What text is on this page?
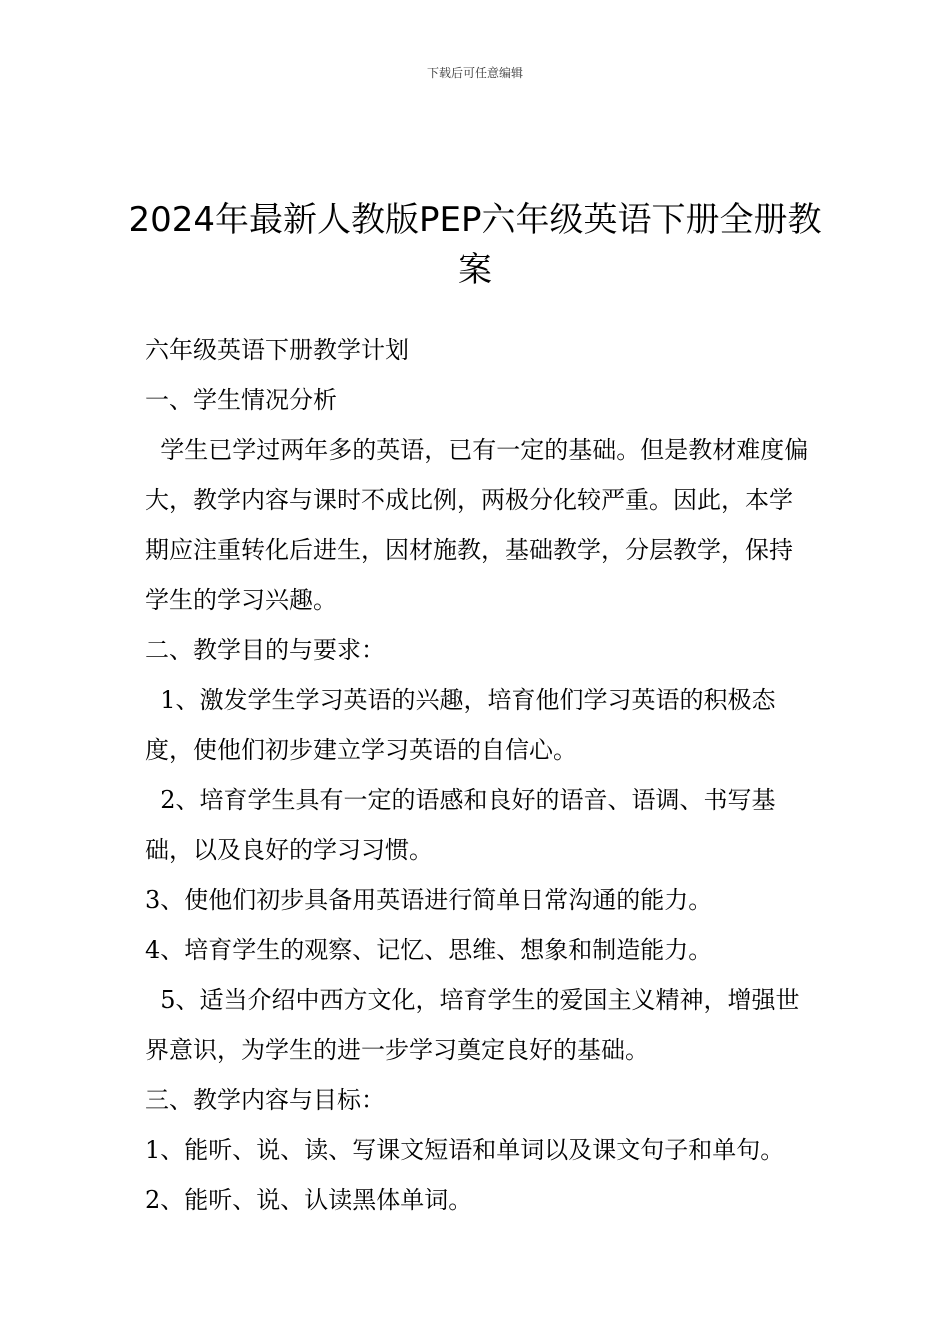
下载后可任意编辑
2024年最新人教版PEP六年级英语下册全册教案

六年级英语下册教学计划

一、学生情况分析

学生已学过两年多的英语，已有一定的基础。但是教材难度偏大，教学内容与课时不成比例，两极分化较严重。因此，本学期应注重转化后进生，因材施教，基础教学，分层教学，保持学生的学习兴趣。

二、教学目的与要求：

1、激发学生学习英语的兴趣，培育他们学习英语的积极态度，使他们初步建立学习英语的自信心。

2、培育学生具有一定的语感和良好的语音、语调、书写基础，以及良好的学习习惯。

3、使他们初步具备用英语进行简单日常沟通的能力。

4、培育学生的观察、记忆、思维、想象和制造能力。

5、适当介绍中西方文化，培育学生的爱国主义精神，增强世界意识，为学生的进一步学习奠定良好的基础。

三、教学内容与目标：

1、能听、说、读、写课文短语和单词以及课文句子和单句。

2、能听、说、认读黑体单词。
